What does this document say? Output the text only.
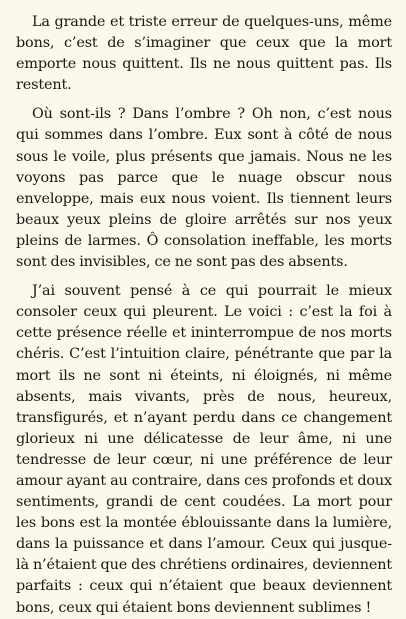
La grande et triste erreur de quelques-uns, même bons, c’est de s’imaginer que ceux que la mort emporte nous quittent. Ils ne nous quittent pas. Ils restent.

Où sont-ils ? Dans l’ombre ? Oh non, c’est nous qui sommes dans l’ombre. Eux sont à côté de nous sous le voile, plus présents que jamais. Nous ne les voyons pas parce que le nuage obscur nous enveloppe, mais eux nous voient. Ils tiennent leurs beaux yeux pleins de gloire arrêtés sur nos yeux pleins de larmes. Ô consolation ineffable, les morts sont des invisibles, ce ne sont pas des absents.

J’ai souvent pensé à ce qui pourrait le mieux consoler ceux qui pleurent. Le voici : c’est la foi à cette présence réelle et ininterrompue de nos morts chéris. C’est l’intuition claire, pénétrante que par la mort ils ne sont ni éteints, ni éloignés, ni même absents, mais vivants, près de nous, heureux, transfigurés, et n’ayant perdu dans ce changement glorieux ni une délicatesse de leur âme, ni une tendresse de leur cœur, ni une préférence de leur amour ayant au contraire, dans ces profonds et doux sentiments, grandi de cent coudées. La mort pour les bons est la montée éblouissante dans la lumière, dans la puissance et dans l’amour. Ceux qui jusque-là n’étaient que des chrétiens ordinaires, deviennent parfaits : ceux qui n’étaient que beaux deviennent bons, ceux qui étaient bons deviennent sublimes !
